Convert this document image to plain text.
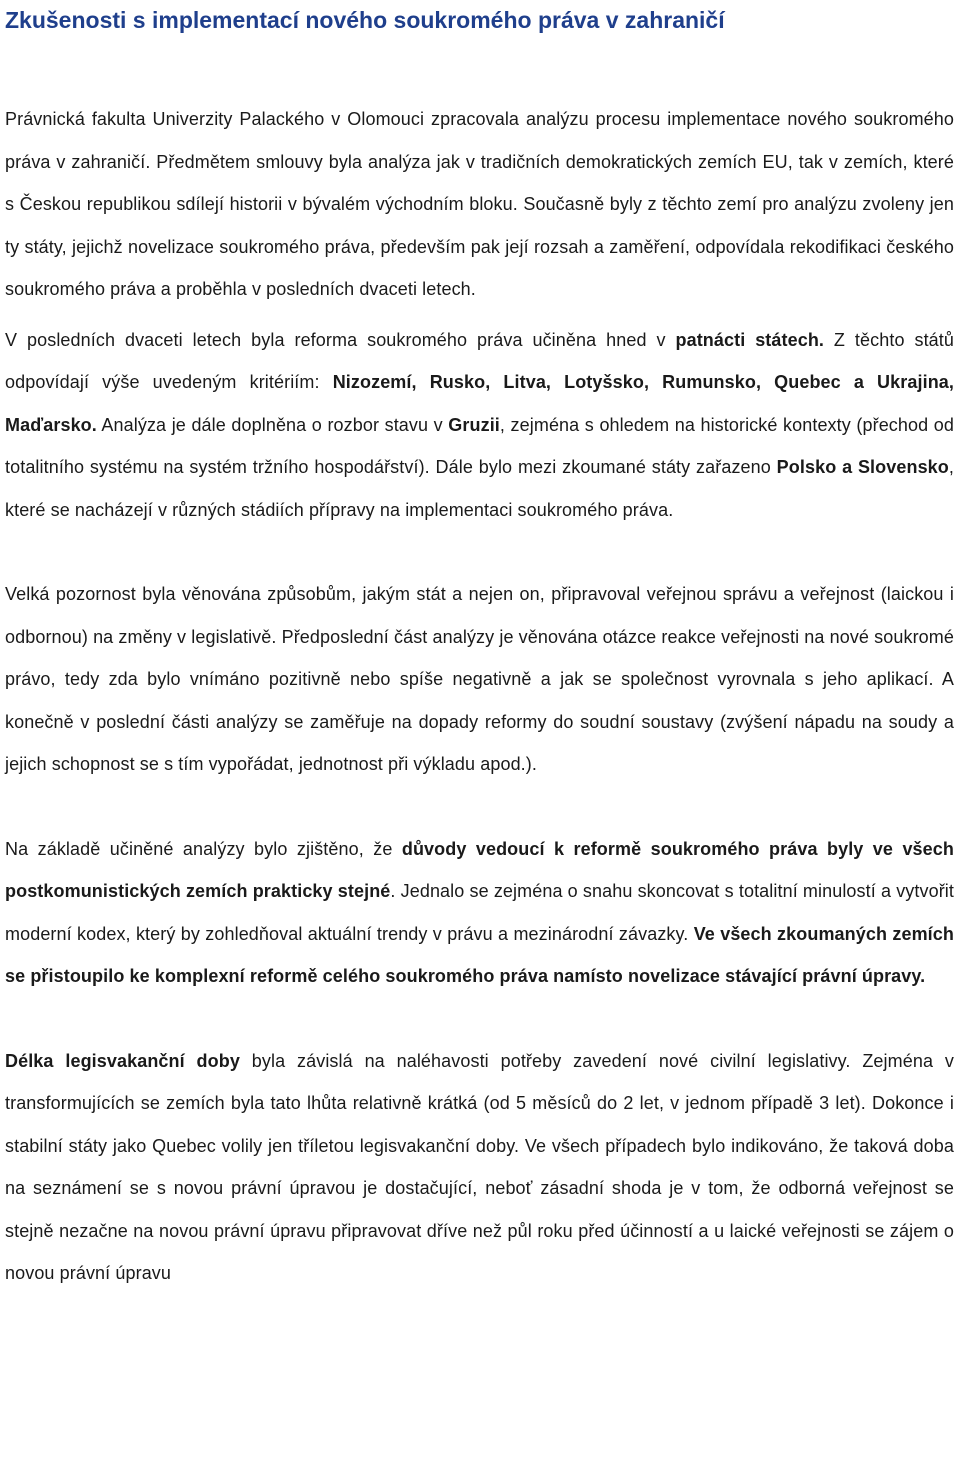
Zkušenosti s implementací nového soukromého práva v zahraničí

Právnická fakulta Univerzity Palackého v Olomouci zpracovala analýzu procesu implementace nového soukromého práva v zahraničí. Předmětem smlouvy byla analýza jak v tradičních demokratických zemích EU, tak v zemích, které s Českou republikou sdílejí historii v bývalém východním bloku. Současně byly z těchto zemí pro analýzu zvoleny jen ty státy, jejichž novelizace soukromého práva, především pak její rozsah a zaměření, odpovídala rekodifikaci českého soukromého práva a proběhla v posledních dvaceti letech.

V posledních dvaceti letech byla reforma soukromého práva učiněna hned v patnácti státech. Z těchto států odpovídají výše uvedeným kritériím: Nizozemí, Rusko, Litva, Lotyšsko, Rumunsko, Quebec a Ukrajina, Maďarsko. Analýza je dále doplněna o rozbor stavu v Gruzii, zejména s ohledem na historické kontexty (přechod od totalitního systému na systém tržního hospodářství). Dále bylo mezi zkoumané státy zařazeno Polsko a Slovensko, které se nacházejí v různých stádiích přípravy na implementaci soukromého práva.

Velká pozornost byla věnována způsobům, jakým stát a nejen on, připravoval veřejnou správu a veřejnost (laickou i odbornou) na změny v legislativě. Předposlední část analýzy je věnována otázce reakce veřejnosti na nové soukromé právo, tedy zda bylo vnímáno pozitivně nebo spíše negativně a jak se společnost vyrovnala s jeho aplikací. A konečně v poslední části analýzy se zaměřuje na dopady reformy do soudní soustavy (zvýšení nápadu na soudy a jejich schopnost se s tím vypořádat, jednotnost při výkladu apod.).

Na základě učiněné analýzy bylo zjištěno, že důvody vedoucí k reformě soukromého práva byly ve všech postkomunistických zemích prakticky stejné. Jednalo se zejména o snahu skoncovat s totalitní minulostí a vytvořit moderní kodex, který by zohledňoval aktuální trendy v právu a mezinárodní závazky. Ve všech zkoumaných zemích se přistoupilo ke komplexní reformě celého soukromého práva namísto novelizace stávající právní úpravy.

Délka legisvakanční doby byla závislá na naléhavosti potřeby zavedení nové civilní legislativy. Zejména v transformujících se zemích byla tato lhůta relativně krátká (od 5 měsíců do 2 let, v jednom případě 3 let). Dokonce i stabilní státy jako Quebec volily jen tříletou legisvakanční doby. Ve všech případech bylo indikováno, že taková doba na seznámení se s novou právní úpravou je dostačující, neboť zásadní shoda je v tom, že odborná veřejnost se stejně nezačne na novou právní úpravu připravovat dříve než půl roku před účinností a u laické veřejnosti se zájem o novou právní úpravu
